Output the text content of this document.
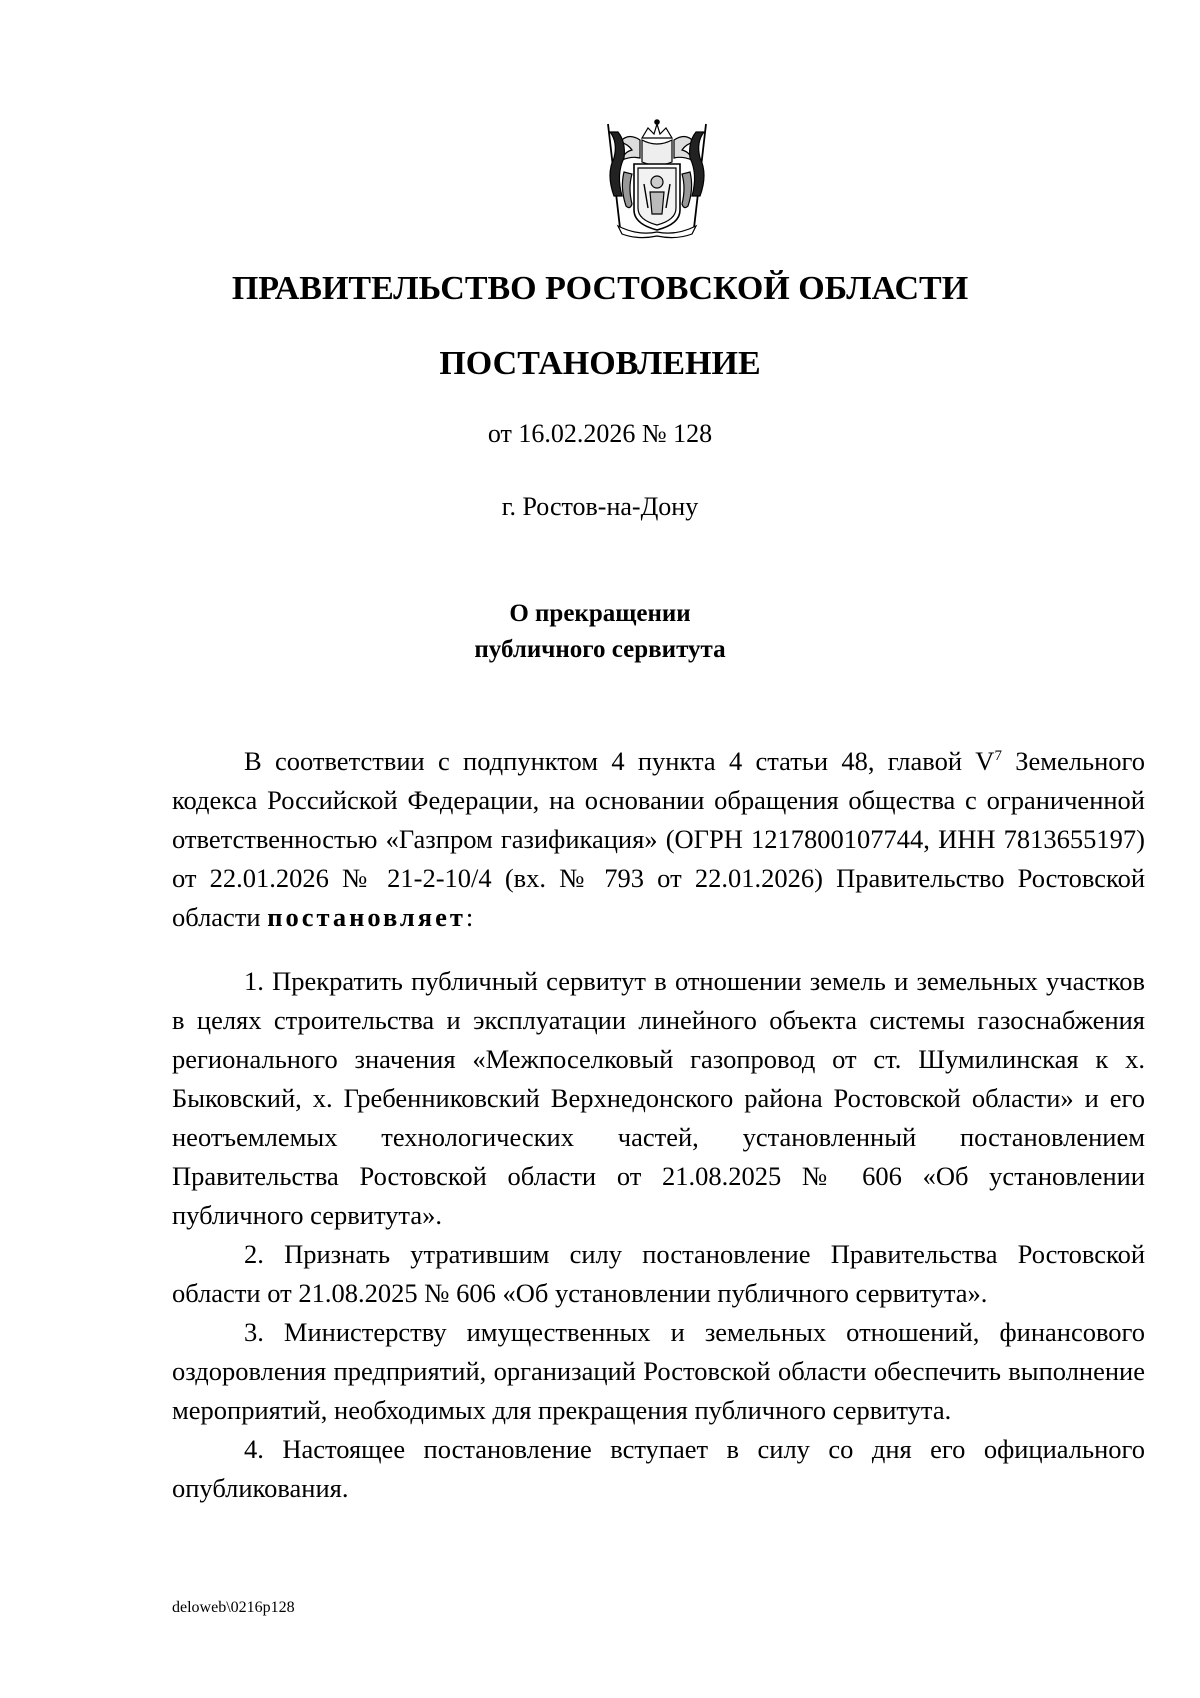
ПРАВИТЕЛЬСТВО РОСТОВСКОЙ ОБЛАСТИ
ПОСТАНОВЛЕНИЕ
от 16.02.2026 № 128
г. Ростов-на-Дону
О прекращении
публичного сервитута

В соответствии с подпунктом 4 пункта 4 статьи 48, главой $V^7$ Земельного кодекса Российской Федерации, на основании обращения общества с ограниченной ответственностью «Газпром газификация» (ОГРН 1217800107744, ИНН 7813655197) от 22.01.2026 № 21-2-10/4 (вх. № 793 от 22.01.2026) Правительство Ростовской области постановляет:

1. Прекратить публичный сервитут в отношении земель и земельных участков в целях строительства и эксплуатации линейного объекта системы газоснабжения регионального значения «Межпоселковый газопровод от ст. Шумилинская к х. Быковский, х. Гребенниковский Верхнедонского района Ростовской области» и его неотъемлемых технологических частей, установленный постановлением Правительства Ростовской области от 21.08.2025 № 606 «Об установлении публичного сервитута».

2. Признать утратившим силу постановление Правительства Ростовской области от 21.08.2025 № 606 «Об установлении публичного сервитута».

3. Министерству имущественных и земельных отношений, финансового оздоровления предприятий, организаций Ростовской области обеспечить выполнение мероприятий, необходимых для прекращения публичного сервитута.

4. Настоящее постановление вступает в силу со дня его официального опубликования.

deloweb\0216p128
